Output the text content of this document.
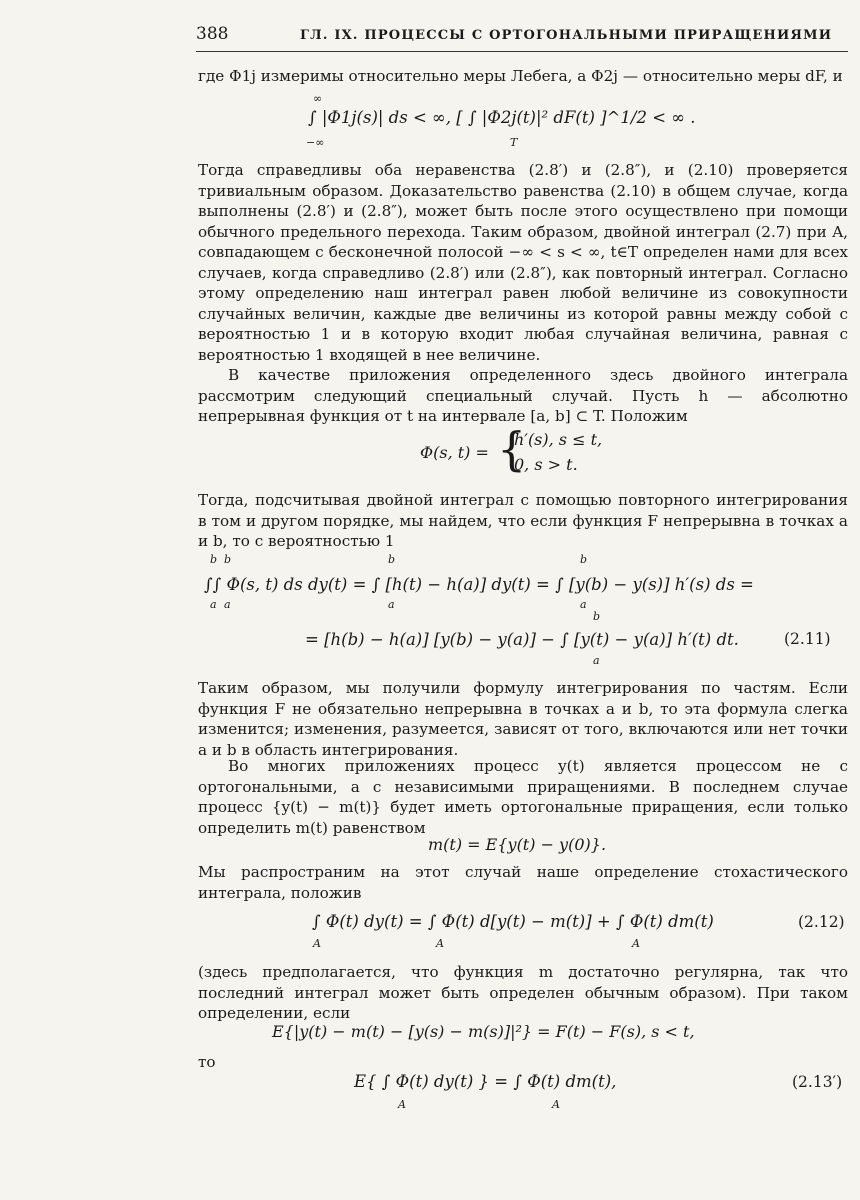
388	ГЛ. IX. ПРОЦЕССЫ С ОРТОГОНАЛЬНЫМИ ПРИРАЩЕНИЯМИ

где Φ1j измеримы относительно меры Лебега, а Φ2j — относительно меры dF, и

∫ |Φ1j(s)| ds < ∞, [ ∫ |Φ2j(t)|² dF(t) ]^1/2 < ∞ .
∞
−∞	T

Тогда справедливы оба неравенства (2.8′) и (2.8″), и (2.10) проверяется тривиальным образом. Доказательство равенства (2.10) в общем случае, когда выполнены (2.8′) и (2.8″), может быть после этого осуществлено при помощи обычного предельного перехода. Таким образом, двойной интеграл (2.7) при A, совпадающем с бесконечной полосой −∞ < s < ∞, t∈T определен нами для всех случаев, когда справедливо (2.8′) или (2.8″), как повторный интеграл. Согласно этому определению наш интеграл равен любой величине из совокупности случайных величин, каждые две величины из которой равны между собой с вероятностью 1 и в которую входит любая случайная величина, равная с вероятностью 1 входящей в нее величине.

В качестве приложения определенного здесь двойного интеграла рассмотрим следующий специальный случай. Пусть h — абсолютно непрерывная функция от t на интервале [a, b] ⊂ T. Положим

Φ(s, t) = {
h′(s), s ≤ t,
0, s > t.

Тогда, подсчитывая двойной интеграл с помощью повторного интегрирования в том и другом порядке, мы найдем, что если функция F непрерывна в точках a и b, то с вероятностью 1

∫∫ Φ(s, t) ds dy(t) = ∫ [h(t) − h(a)] dy(t) = ∫ [y(b) − y(s)] h′(s) ds =
b b
a a
b
a
b
a
= [h(b) − h(a)] [y(b) − y(a)] − ∫ [y(t) − y(a)] h′(t) dt.
b
a
(2.11)

Таким образом, мы получили формулу интегрирования по частям. Если функция F не обязательно непрерывна в точках a и b, то эта формула слегка изменится; изменения, разумеется, зависят от того, включаются или нет точки a и b в область интегрирования.

Во многих приложениях процесс y(t) является процессом не с ортогональными, а с независимыми приращениями. В последнем случае процесс {y(t) − m(t)} будет иметь ортогональные приращения, если только определить m(t) равенством

m(t) = E{y(t) − y(0)}.

Мы распространим на этот случай наше определение стохастического интеграла, положив

∫ Φ(t) dy(t) = ∫ Φ(t) d[y(t) − m(t)] + ∫ Φ(t) dm(t)
A	A	A
(2.12)

(здесь предполагается, что функция m достаточно регулярна, так что последний интеграл может быть определен обычным образом). При таком определении, если

E{|y(t) − m(t) − [y(s) − m(s)]|²} = F(t) − F(s), s < t,

то

E{ ∫ Φ(t) dy(t) } = ∫ Φ(t) dm(t),
A	A
(2.13′)
